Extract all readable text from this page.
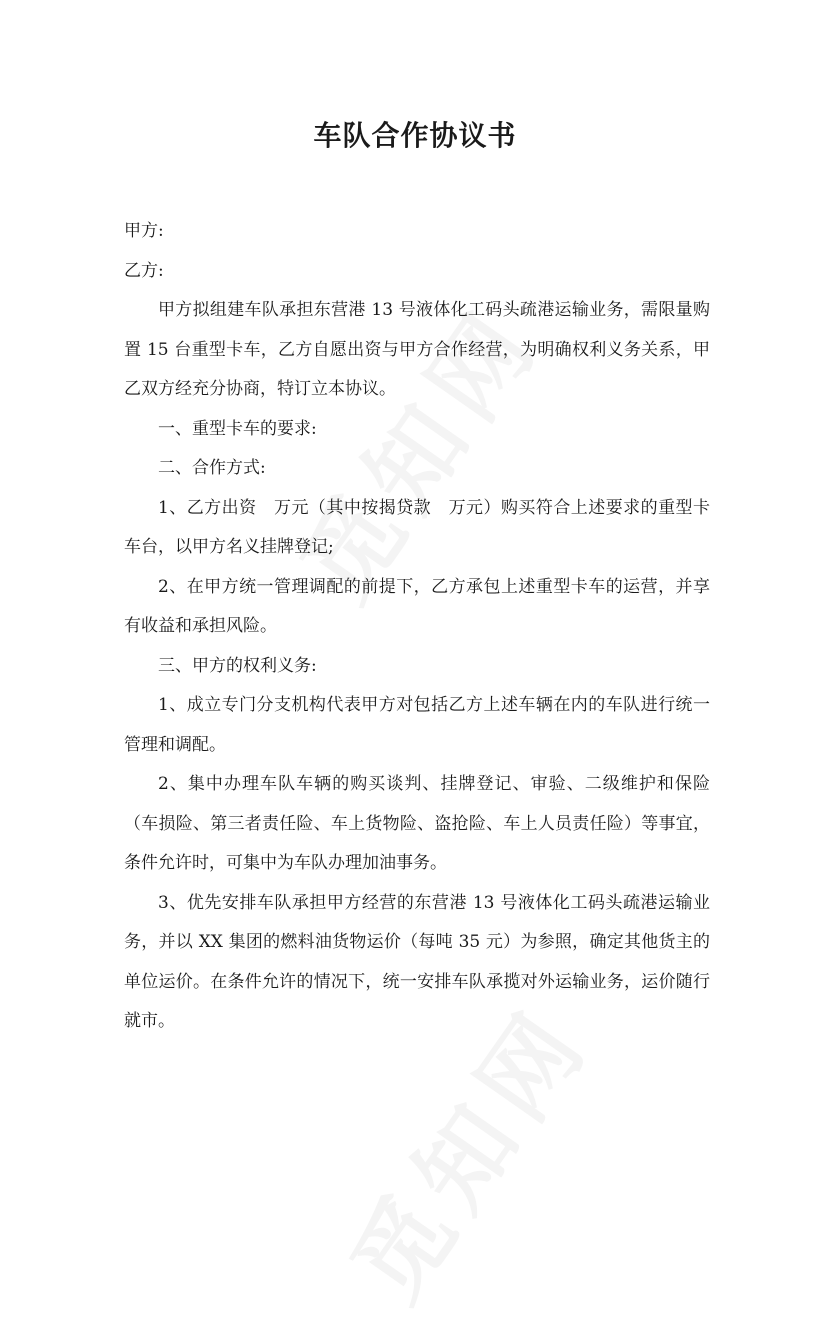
车队合作协议书

甲方:

乙方:

甲方拟组建车队承担东营港 13 号液体化工码头疏港运输业务，需限量购置 15 台重型卡车，乙方自愿出资与甲方合作经营，为明确权利义务关系，甲乙双方经充分协商，特订立本协议。

一、重型卡车的要求:

二、合作方式:

1、乙方出资　万元（其中按揭贷款　万元）购买符合上述要求的重型卡车台，以甲方名义挂牌登记;

2、在甲方统一管理调配的前提下，乙方承包上述重型卡车的运营，并享有收益和承担风险。

三、甲方的权利义务:

1、成立专门分支机构代表甲方对包括乙方上述车辆在内的车队进行统一管理和调配。

2、集中办理车队车辆的购买谈判、挂牌登记、审验、二级维护和保险（车损险、第三者责任险、车上货物险、盗抢险、车上人员责任险）等事宜，条件允许时，可集中为车队办理加油事务。

3、优先安排车队承担甲方经营的东营港 13 号液体化工码头疏港运输业务，并以 XX 集团的燃料油货物运价（每吨 35 元）为参照，确定其他货主的单位运价。在条件允许的情况下，统一安排车队承揽对外运输业务，运价随行就市。
